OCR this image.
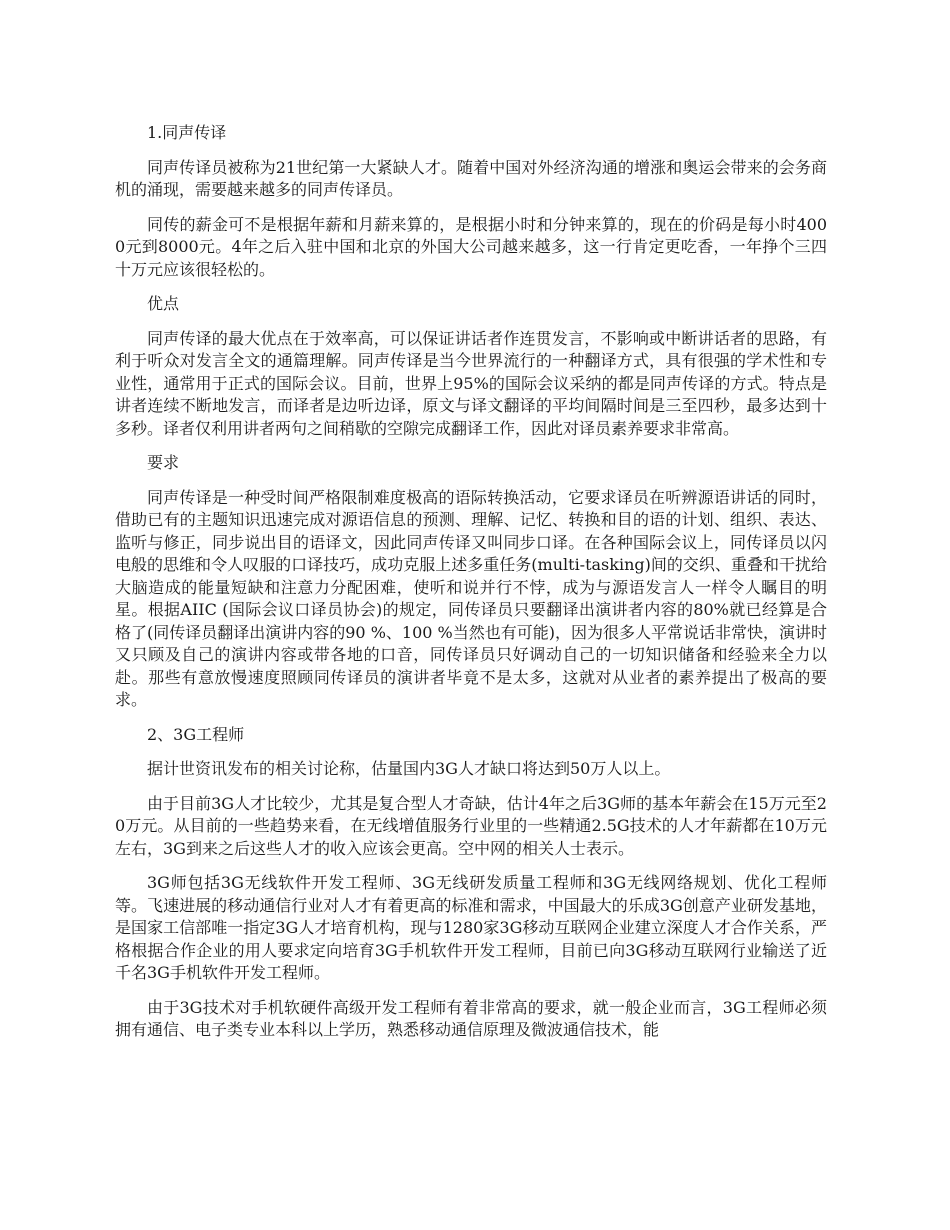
1.同声传译

同声传译员被称为21世纪第一大紧缺人才。随着中国对外经济沟通的增涨和奥运会带来的会务商机的涌现，需要越来越多的同声传译员。

同传的薪金可不是根据年薪和月薪来算的，是根据小时和分钟来算的，现在的价码是每小时4000元到8000元。4年之后入驻中国和北京的外国大公司越来越多，这一行肯定更吃香，一年挣个三四十万元应该很轻松的。

优点

同声传译的最大优点在于效率高，可以保证讲话者作连贯发言，不影响或中断讲话者的思路，有利于听众对发言全文的通篇理解。同声传译是当今世界流行的一种翻译方式，具有很强的学术性和专业性，通常用于正式的国际会议。目前，世界上95%的国际会议采纳的都是同声传译的方式。特点是讲者连续不断地发言，而译者是边听边译，原文与译文翻译的平均间隔时间是三至四秒，最多达到十多秒。译者仅利用讲者两句之间稍歇的空隙完成翻译工作，因此对译员素养要求非常高。

要求

同声传译是一种受时间严格限制难度极高的语际转换活动，它要求译员在听辨源语讲话的同时，借助已有的主题知识迅速完成对源语信息的预测、理解、记忆、转换和目的语的计划、组织、表达、监听与修正，同步说出目的语译文，因此同声传译又叫同步口译。在各种国际会议上，同传译员以闪电般的思维和令人叹服的口译技巧，成功克服上述多重任务(multi-tasking)间的交织、重叠和干扰给大脑造成的能量短缺和注意力分配困难，使听和说并行不悖，成为与源语发言人一样令人瞩目的明星。根据AIIC (国际会议口译员协会)的规定，同传译员只要翻译出演讲者内容的80%就已经算是合格了(同传译员翻译出演讲内容的90 %、100 %当然也有可能)，因为很多人平常说话非常快，演讲时又只顾及自己的演讲内容或带各地的口音，同传译员只好调动自己的一切知识储备和经验来全力以赴。那些有意放慢速度照顾同传译员的演讲者毕竟不是太多，这就对从业者的素养提出了极高的要求。

2、3G工程师

据计世资讯发布的相关讨论称，估量国内3G人才缺口将达到50万人以上。

由于目前3G人才比较少，尤其是复合型人才奇缺，估计4年之后3G师的基本年薪会在15万元至20万元。从目前的一些趋势来看，在无线增值服务行业里的一些精通2.5G技术的人才年薪都在10万元左右，3G到来之后这些人才的收入应该会更高。空中网的相关人士表示。

3G师包括3G无线软件开发工程师、3G无线研发质量工程师和3G无线网络规划、优化工程师等。飞速进展的移动通信行业对人才有着更高的标准和需求，中国最大的乐成3G创意产业研发基地，是国家工信部唯一指定3G人才培育机构，现与1280家3G移动互联网企业建立深度人才合作关系，严格根据合作企业的用人要求定向培育3G手机软件开发工程师，目前已向3G移动互联网行业输送了近千名3G手机软件开发工程师。

由于3G技术对手机软硬件高级开发工程师有着非常高的要求，就一般企业而言，3G工程师必须拥有通信、电子类专业本科以上学历，熟悉移动通信原理及微波通信技术，能
